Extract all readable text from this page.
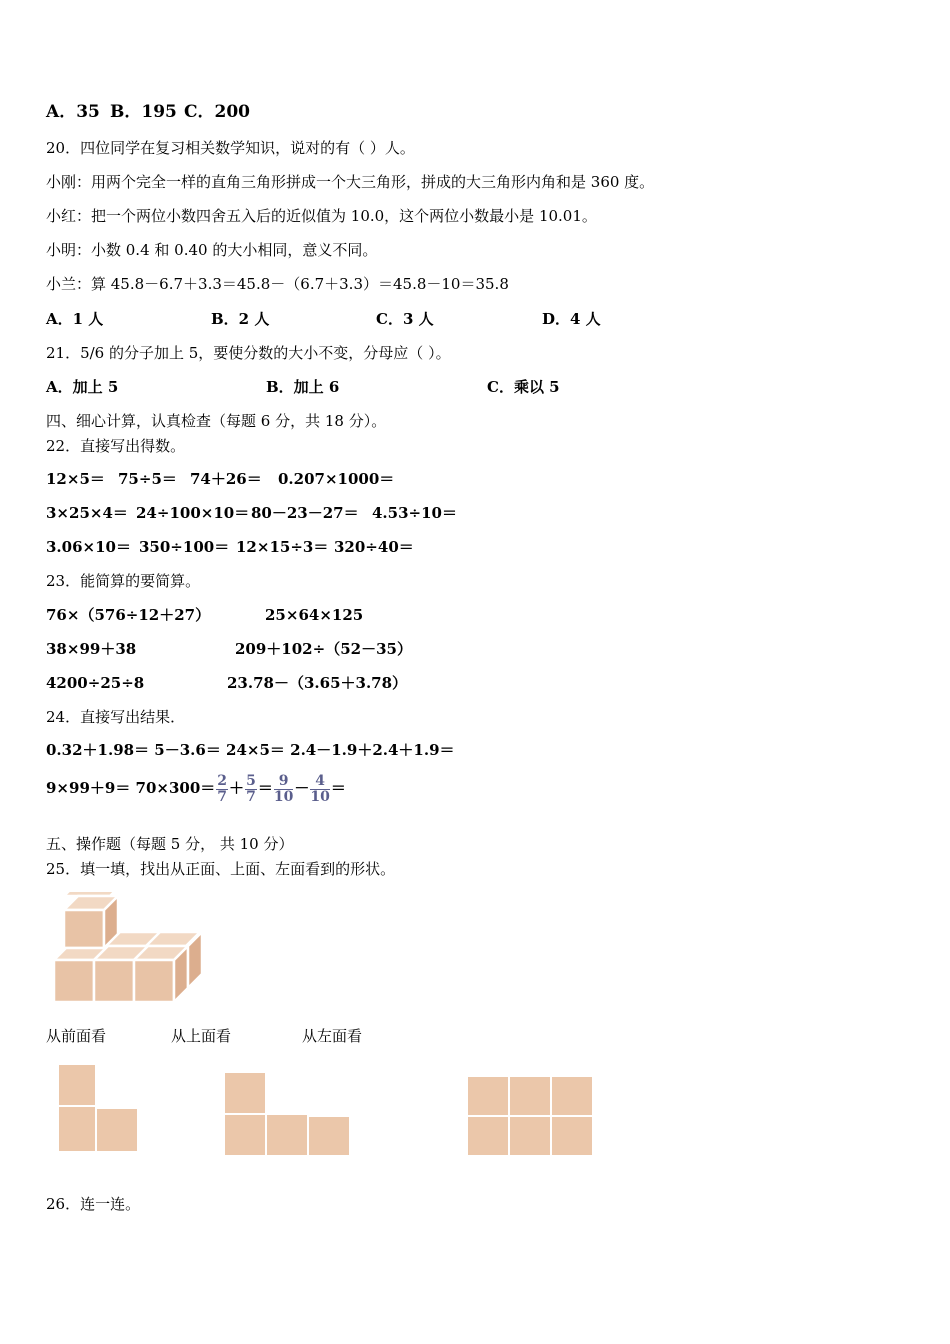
A．35 B．195 C．200
20．四位同学在复习相关数学知识，说对的有（ ）人。
小刚：用两个完全一样的直角三角形拼成一个大三角形，拼成的大三角形内角和是 360 度。
小红：把一个两位小数四舍五入后的近似值为 10.0，这个两位小数最小是 10.01。
小明：小数 0.4 和 0.40 的大小相同，意义不同。
小兰：算 45.8－6.7＋3.3＝45.8－（6.7＋3.3）＝45.8－10＝35.8
A．1 人	B．2 人	C．3 人	D．4 人
21．5/6 的分子加上 5，要使分数的大小不变，分母应（ ）。
A．加上 5	B．加上 6	C．乘以 5
四、细心计算，认真检查（每题 6 分，共 18 分）。
22．直接写出得数。
12×5＝ 75÷5＝ 74＋26＝ 0.207×1000＝
3×25×4＝ 24÷100×10＝ 80－23－27＝ 4.53÷10＝
3.06×10＝ 350÷100＝ 12×15÷3＝ 320÷40＝
23．能简算的要简算。
76×（576÷12＋27）	25×64×125
38×99＋38	209＋102÷（52－35）
4200÷25÷8	23.78－（3.65＋3.78）
24．直接写出结果．
0.32＋1.98＝ 5－3.6＝ 24×5＝ 2.4－1.9＋2.4＋1.9＝
$9\times 99+9= 70\times 300= \frac{2}{7} + \frac{5}{7} = \frac{9}{10} - \frac{4}{10}$ ＝
五、操作题（每题 5 分， 共 10 分）
25．填一填，找出从正面、上面、左面看到的形状。
从前面看	从上面看	从左面看
26．连一连。
